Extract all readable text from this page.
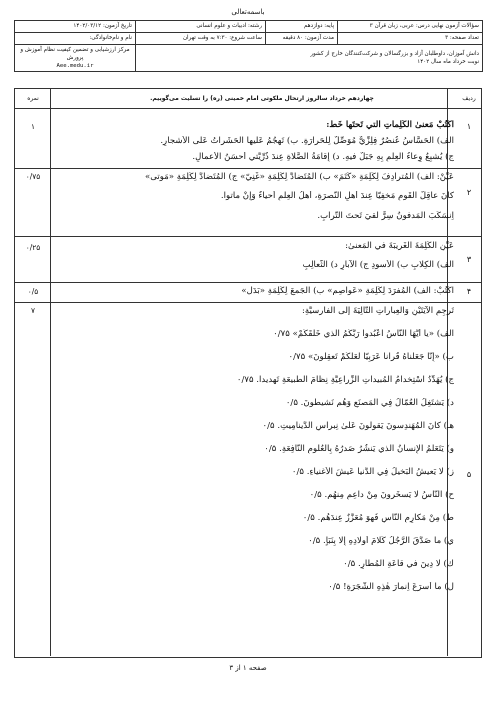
باسمه‌تعالی
سؤالات آزمون نهایی درس: عربی، زبان قرآن ۳	پایه: دوازدهم	رشته: ادبیات و علوم انسانی	تاریخ آزمون: ۱۴۰۲/۰۳/۱۲
تعداد صفحه: ۳	مدت آزمون: ۸۰ دقیقه	ساعت شروع: ۷:۳۰ به وقت تهران	نام و نام‌خانوادگی:
دانش آموزان، داوطلبان آزاد و بزرگسالان و شرکت‌کنندگان خارج از کشور
نوبت خرداد ماه سال ۱۴۰۲			مرکز ارزشیابی و تضمین کیفیت نظام آموزش و پرورش
Aee.medu.ir
ردیف
چهاردهم خرداد سالروز ارتحال ملکوتی امام خمینی (ره) را تسلیت می‌گوییم.
نمره
۱
۱	اُكْتُبْ مَعنىٰ الكَلِماتِ الَّتي تَحتَها خَطٌّ:
الف) الحَسَّاسُ عُنصُرٌ فِلِزِّيٌّ مُوَصِّلٌ لِلحَرارَةِ. ب) تَهجُمُ عَلَيها الحَشَراتُ عَلَى الأَشجارِ.
ج) يُشبِعُ وِعاءُ العِلمِ بِهِ جَبَلٌ فيهِ. د) إِقامَةُ الصَّلاةِ عِندَ ذُرِّيَّتي أَحسَنُ الأَعمالِ.
۲
۰/۷۵	عَيِّنْ: الف) المُترادِفَ لِكَلِمَةِ «كَتَمَ» ب) المُتَضادَّ لِكَلِمَةِ «غَنِيّ» ج) المُتَضادَّ لِكَلِمَةِ «مَوتى»
كانَ عاقِلٌ القَومِ مَخفِيّاً عِندَ أَهلِ النُّصرَةِ، أَهلُ العِلمِ أَحياءٌ وَإِنْ ماتوا.
اِنسَكَبَ المَدفونُ سِرٌّ لَقيَ تَحتَ التُّرابِ.
۳
۰/۲۵	عَيِّنِ الكَلِمَةَ الغَريبَةَ في المَعنىٰ:
الف) الكِلابِ ب) الأُسودِ ج) الآبارِ د) الثَّعالِبِ
۴
۰/۵	اُكْتُبْ: الف) المُفرَدَ لِكَلِمَةِ «عَواصِم» ب) الجَمعَ لِكَلِمَةِ «بَدَل»
۵
۷	تَرجِمِ الآيَتَيْنِ وَالعِباراتِ التّالِيَةَ إلَى الفارسيَّةِ:
الف) «يا أَيُّهَا النّاسُ اعْبُدوا رَبَّكُمُ الَّذي خَلَقَكُمْ» ۰/۷۵
ب) «إِنّا جَعَلْناهُ قُرآناً عَرَبِيّاً لَعَلَّكُمْ تَعقِلونَ» ۰/۷۵
ج) يُهَدِّدُ اسْتِخدامُ المُبيداتِ الزِّراعِيَّةِ نِظامَ الطَّبيعَةِ تَهديداً. ۰/۷۵
د) يَشتَغِلُ العُمّالُ فِي المَصنَعِ وَهُم نَشيطونَ. ۰/۵
هـ) كانَ المُهَندِسونَ يَقولونَ عَلىٰ نِبراسِ الدَّينامِيتِ. ۰/۵
و) يَتَعَلَّمُ الإِنسانُ الَّذي يَنشُرُ صَدرُهُ بِالعُلومِ النّافِعَةِ. ۰/۵
ز) لا يَعيشُ البَخيلُ فِي الدُّنيا عَيشَ الأَغنياءِ. ۰/۵
ح) النّاسُ لا يَسخَرونَ مِنْ داعِمِ مِنهُم. ۰/۵
ط) مِنْ مَكارِمِ النّاسِ فَهوَ مُعَزَّزٌ عِندَهُم. ۰/۵
ي) ما صَدَّقَ الرَّجُلُ كَلامَ أَولادِهِ إِلّا بِنَبَأٍ. ۰/۵
ك) لا دِينَ في قاعَةِ المُطارِ. ۰/۵
ل) ما أَسرَعَ اِنمارَ هٰذِهِ الشَّجَرَةِ! ۰/۵
صفحه ۱ از ۳
